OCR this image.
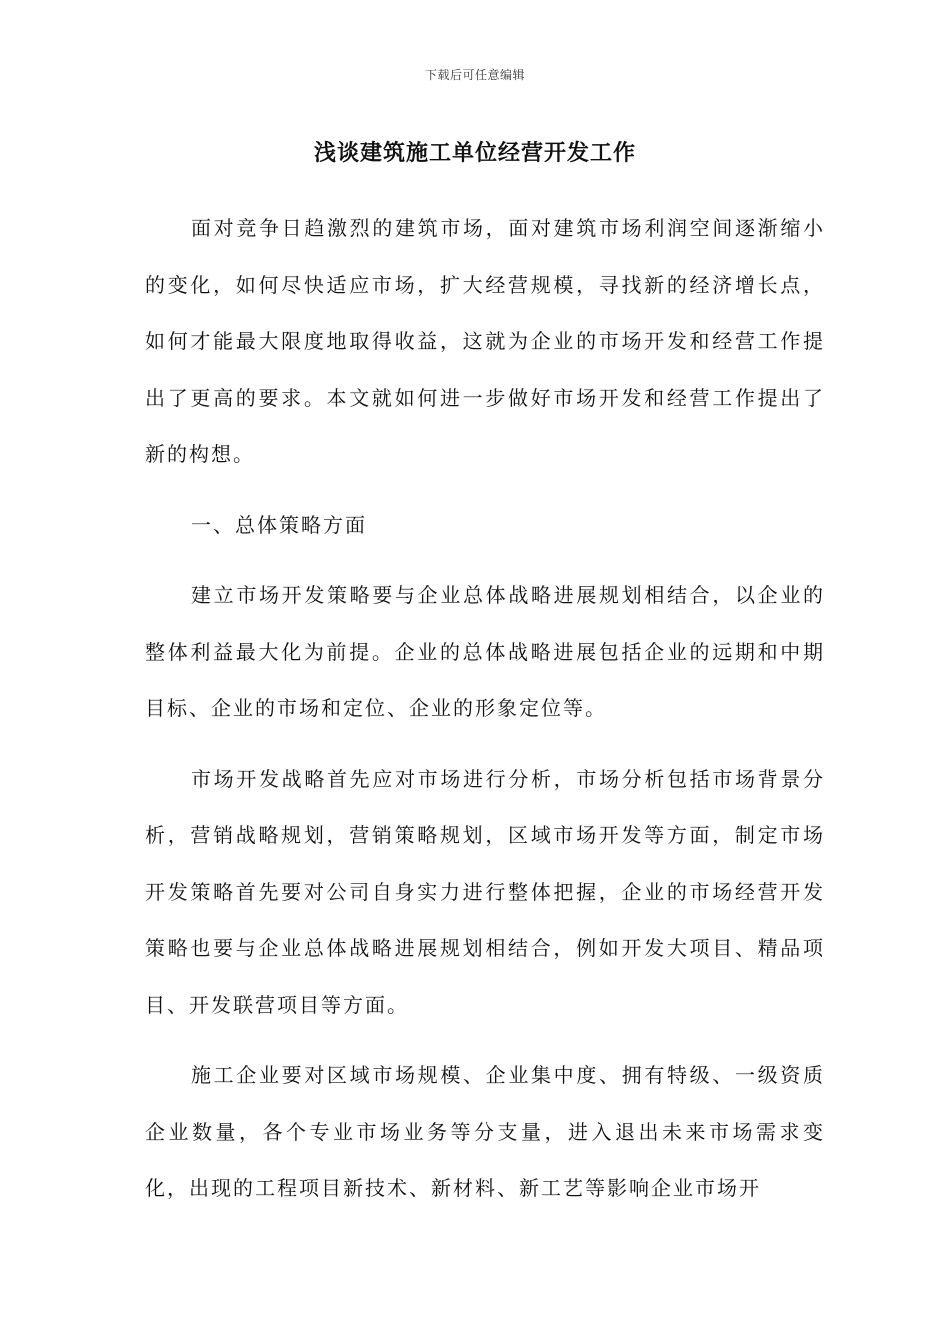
下载后可任意编辑
浅谈建筑施工单位经营开发工作

面对竞争日趋激烈的建筑市场，面对建筑市场利润空间逐渐缩小的变化，如何尽快适应市场，扩大经营规模，寻找新的经济增长点，如何才能最大限度地取得收益，这就为企业的市场开发和经营工作提出了更高的要求。本文就如何进一步做好市场开发和经营工作提出了新的构想。

一、总体策略方面

建立市场开发策略要与企业总体战略进展规划相结合，以企业的整体利益最大化为前提。企业的总体战略进展包括企业的远期和中期目标、企业的市场和定位、企业的形象定位等。

市场开发战略首先应对市场进行分析，市场分析包括市场背景分析，营销战略规划，营销策略规划，区域市场开发等方面，制定市场开发策略首先要对公司自身实力进行整体把握，企业的市场经营开发策略也要与企业总体战略进展规划相结合，例如开发大项目、精品项目、开发联营项目等方面。

施工企业要对区域市场规模、企业集中度、拥有特级、一级资质企业数量，各个专业市场业务等分支量，进入退出未来市场需求变化，出现的工程项目新技术、新材料、新工艺等影响企业市场开
